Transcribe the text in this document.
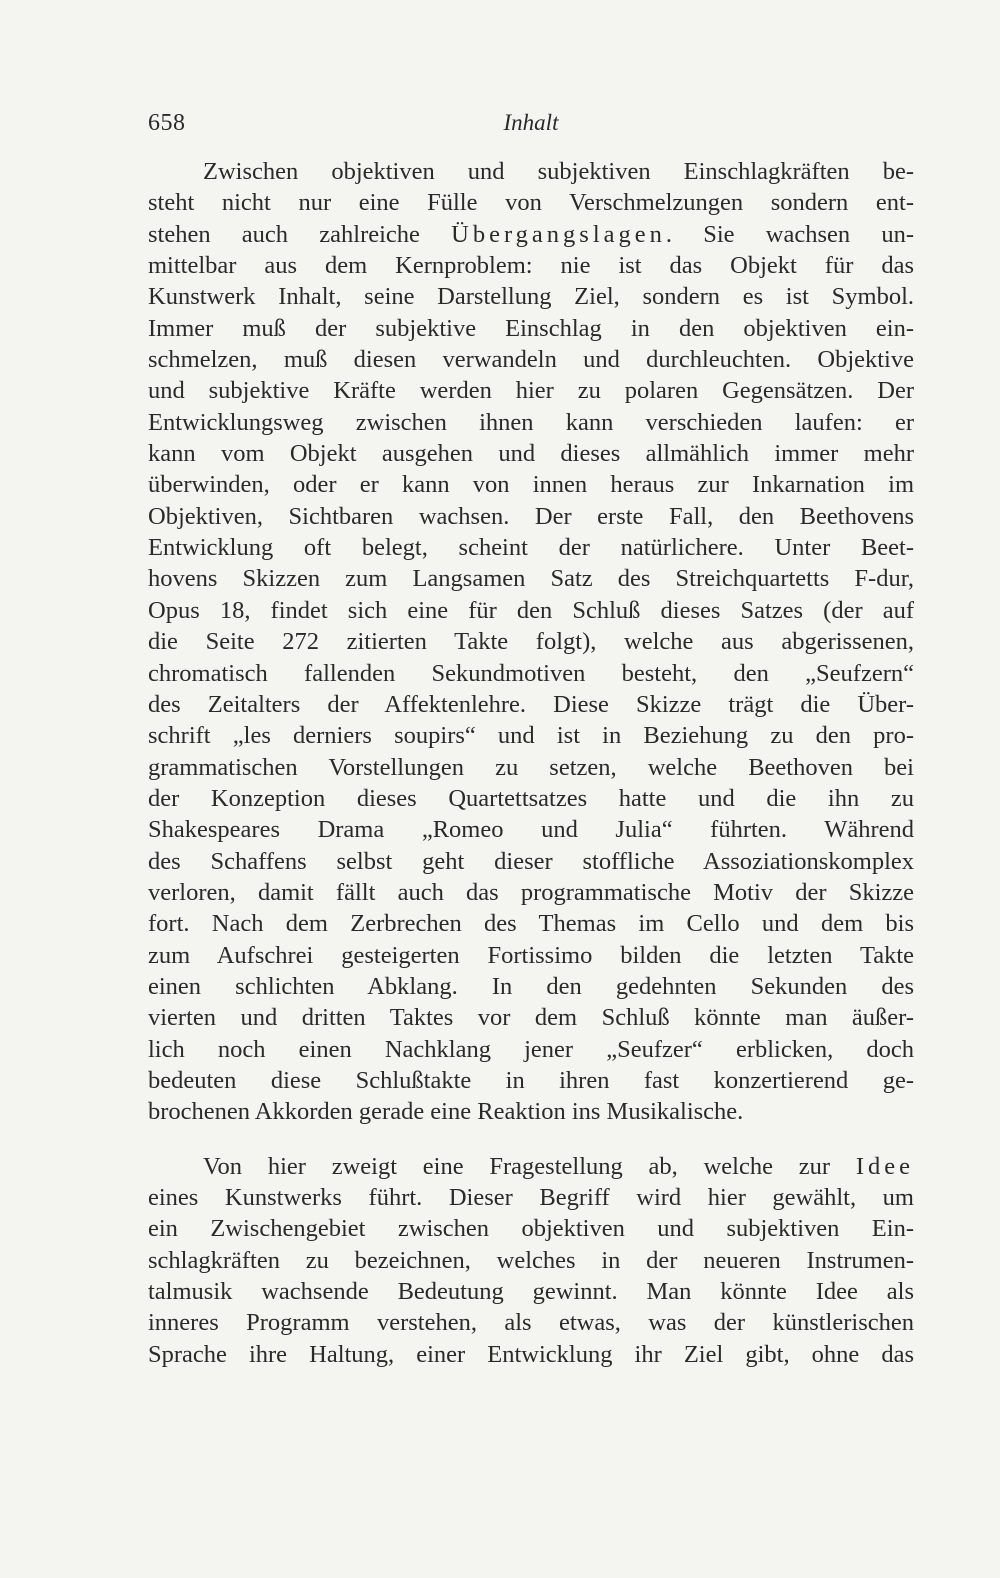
658	Inhalt

Zwischen objektiven und subjektiven Einschlagkräften be-

steht nicht nur eine Fülle von Verschmelzungen sondern ent-

stehen auch zahlreiche Übergangslagen. Sie wachsen un-

mittelbar aus dem Kernproblem: nie ist das Objekt für das

Kunstwerk Inhalt, seine Darstellung Ziel, sondern es ist Symbol.

Immer muß der subjektive Einschlag in den objektiven ein-

schmelzen, muß diesen verwandeln und durchleuchten. Objektive

und subjektive Kräfte werden hier zu polaren Gegensätzen. Der

Entwicklungsweg zwischen ihnen kann verschieden laufen: er

kann vom Objekt ausgehen und dieses allmählich immer mehr

überwinden, oder er kann von innen heraus zur Inkarnation im

Objektiven, Sichtbaren wachsen. Der erste Fall, den Beethovens

Entwicklung oft belegt, scheint der natürlichere. Unter Beet-

hovens Skizzen zum Langsamen Satz des Streichquartetts F-dur,

Opus 18, findet sich eine für den Schluß dieses Satzes (der auf

die Seite 272 zitierten Takte folgt), welche aus abgerissenen,

chromatisch fallenden Sekundmotiven besteht, den „Seufzern“

des Zeitalters der Affektenlehre. Diese Skizze trägt die Über-

schrift „les derniers soupirs“ und ist in Beziehung zu den pro-

grammatischen Vorstellungen zu setzen, welche Beethoven bei

der Konzeption dieses Quartettsatzes hatte und die ihn zu

Shakespeares Drama „Romeo und Julia“ führten. Während

des Schaffens selbst geht dieser stoffliche Assoziationskomplex

verloren, damit fällt auch das programmatische Motiv der Skizze

fort. Nach dem Zerbrechen des Themas im Cello und dem bis

zum Aufschrei gesteigerten Fortissimo bilden die letzten Takte

einen schlichten Abklang. In den gedehnten Sekunden des

vierten und dritten Taktes vor dem Schluß könnte man äußer-

lich noch einen Nachklang jener „Seufzer“ erblicken, doch

bedeuten diese Schlußtakte in ihren fast konzertierend ge-

brochenen Akkorden gerade eine Reaktion ins Musikalische.

Von hier zweigt eine Fragestellung ab, welche zur Idee

eines Kunstwerks führt. Dieser Begriff wird hier gewählt, um

ein Zwischengebiet zwischen objektiven und subjektiven Ein-

schlagkräften zu bezeichnen, welches in der neueren Instrumen-

talmusik wachsende Bedeutung gewinnt. Man könnte Idee als

inneres Programm verstehen, als etwas, was der künstlerischen

Sprache ihre Haltung, einer Entwicklung ihr Ziel gibt, ohne das
